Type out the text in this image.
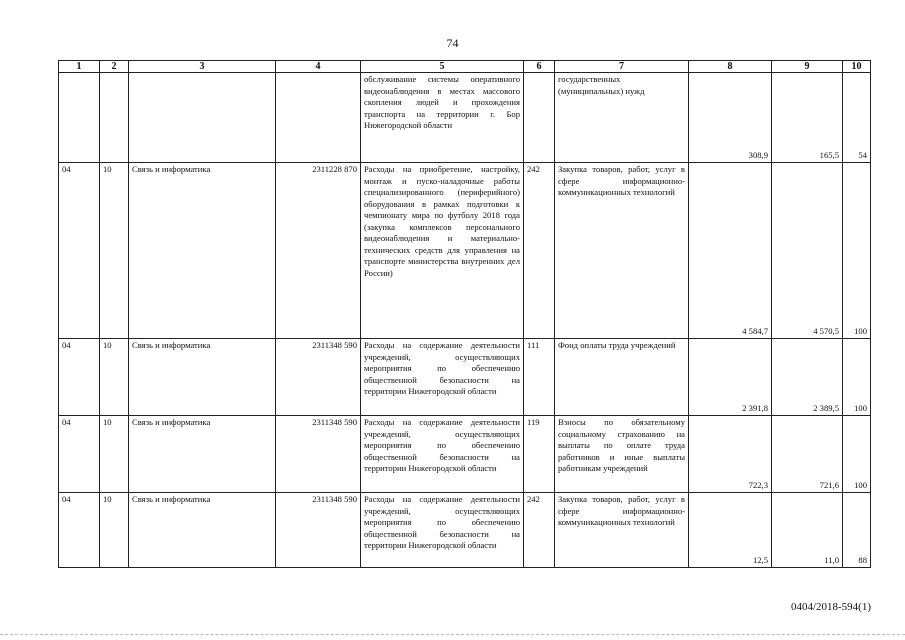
74
1	2	3	4	5	6	7	8	9	10
				обслуживание системы оперативного видеонаблюдения в местах массового скопления людей и прохождения транспорта на территории г. Бор Нижегородской области		государственных (муниципальных) нужд	308,9	165,5	54
04	10	Связь и информатика	2311228 870	Расходы на приобретение, настройку, монтаж и пуско-наладочные работы специализированного (периферийного) оборудования в рамках подготовки к чемпионату мира по футболу 2018 года (закупка комплексов персонального видеонаблюдения и материально-технических средств для управления на транспорте министерства внутренних дел России)	242	Закупка товаров, работ, услуг в сфере информационно-коммуникационных технологий	4 584,7	4 570,5	100
04	10	Связь и информатика	2311348 590	Расходы на содержание деятельности учреждений, осуществляющих мероприятия по обеспечению общественной безопасности на территории Нижегородской области	111	Фонд оплаты труда учреждений	2 391,8	2 389,5	100
04	10	Связь и информатика	2311348 590	Расходы на содержание деятельности учреждений, осуществляющих мероприятия по обеспечению общественной безопасности на территории Нижегородской области	119	Взносы по обязательному социальному страхованию на выплаты по оплате труда работников и иные выплаты работникам учреждений	722,3	721,6	100
04	10	Связь и информатика	2311348 590	Расходы на содержание деятельности учреждений, осуществляющих мероприятия по обеспечению общественной безопасности на территории Нижегородской области	242	Закупка товаров, работ, услуг в сфере информационно-коммуникационных технологий	12,5	11,0	88
0404/2018-594(1)
